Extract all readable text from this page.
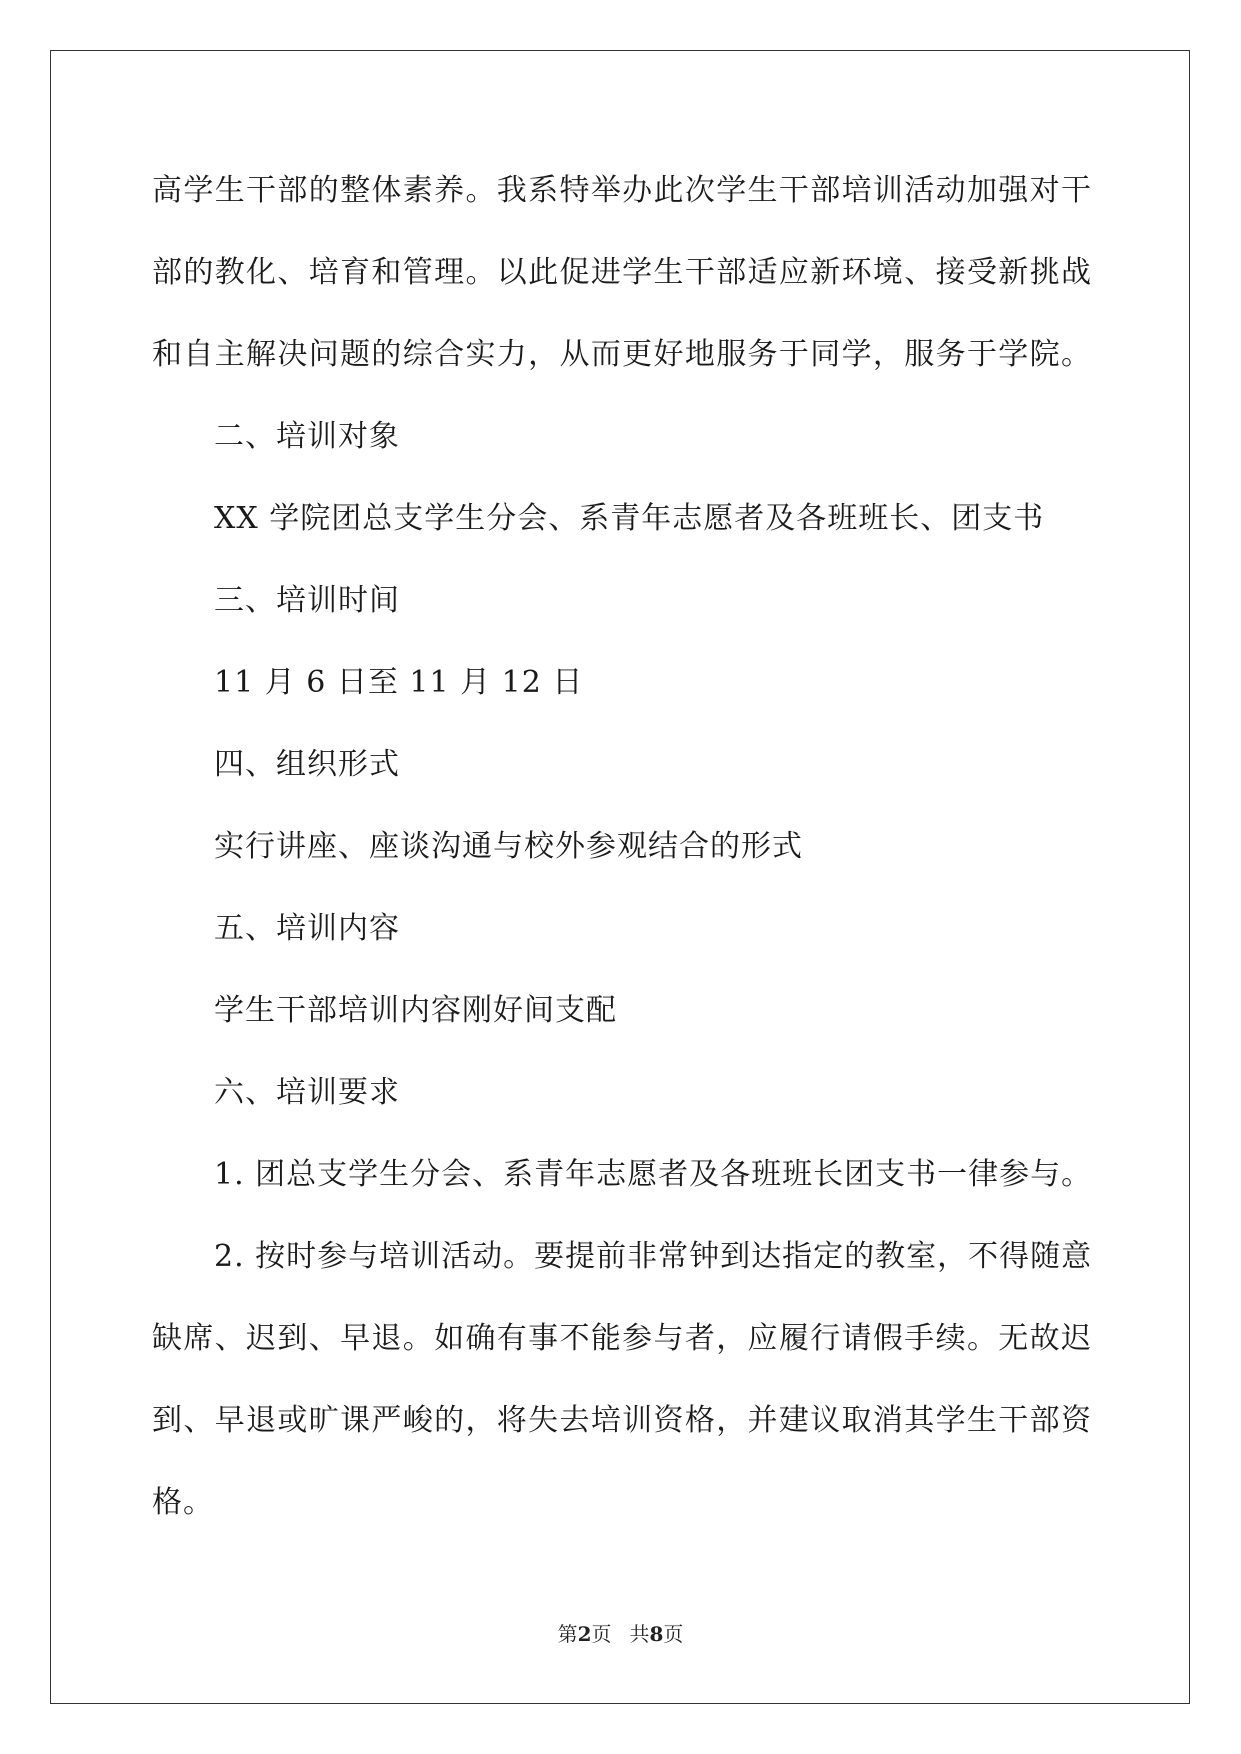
高学生干部的整体素养。我系特举办此次学生干部培训活动加强对干
部的教化、培育和管理。以此促进学生干部适应新环境、接受新挑战
和自主解决问题的综合实力，从而更好地服务于同学，服务于学院。
二、培训对象
XX 学院团总支学生分会、系青年志愿者及各班班长、团支书
三、培训时间
11 月 6 日至 11 月 12 日
四、组织形式
实行讲座、座谈沟通与校外参观结合的形式
五、培训内容
学生干部培训内容刚好间支配
六、培训要求
1. 团总支学生分会、系青年志愿者及各班班长团支书一律参与。
2. 按时参与培训活动。要提前非常钟到达指定的教室，不得随意
缺席、迟到、早退。如确有事不能参与者，应履行请假手续。无故迟
到、早退或旷课严峻的，将失去培训资格，并建议取消其学生干部资
格。
第2页 共8页
